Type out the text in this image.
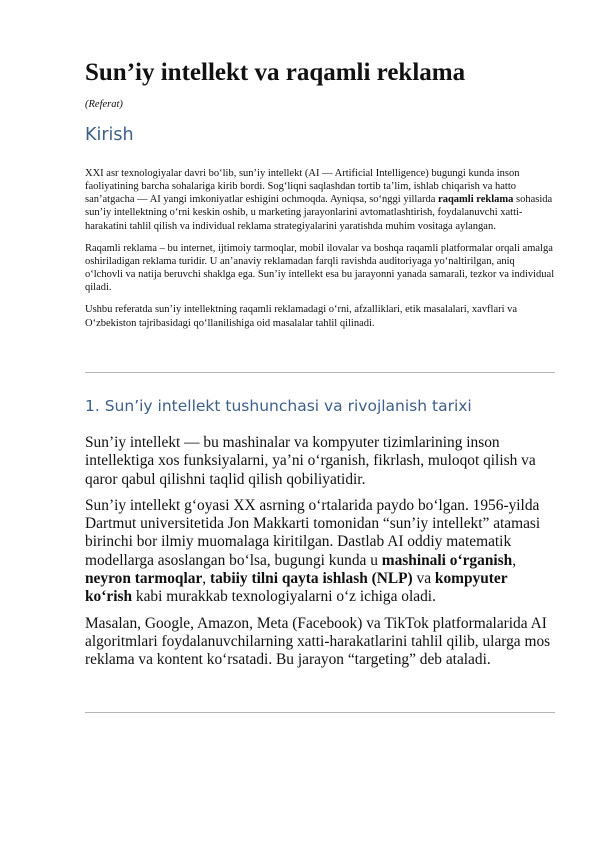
Sun’iy intellekt va raqamli reklama
(Referat)
Kirish

XXI asr texnologiyalar davri bo‘lib, sun’iy intellekt (AI — Artificial Intelligence) bugungi kunda inson faoliyatining barcha sohalariga kirib bordi. Sog‘liqni saqlashdan tortib ta’lim, ishlab chiqarish va hatto san’atgacha — AI yangi imkoniyatlar eshigini ochmoqda. Ayniqsa, so‘nggi yillarda raqamli reklama sohasida sun’iy intellektning o‘rni keskin oshib, u marketing jarayonlarini avtomatlashtirish, foydalanuvchi xatti-harakatini tahlil qilish va individual reklama strategiyalarini yaratishda muhim vositaga aylangan.

Raqamli reklama – bu internet, ijtimoiy tarmoqlar, mobil ilovalar va boshqa raqamli platformalar orqali amalga oshiriladigan reklama turidir. U an’anaviy reklamadan farqli ravishda auditoriyaga yo‘naltirilgan, aniq o‘lchovli va natija beruvchi shaklga ega. Sun’iy intellekt esa bu jarayonni yanada samarali, tezkor va individual qiladi.

Ushbu referatda sun’iy intellektning raqamli reklamadagi o‘rni, afzalliklari, etik masalalari, xavflari va O‘zbekiston tajribasidagi qo‘llanilishiga oid masalalar tahlil qilinadi.

1. Sun’iy intellekt tushunchasi va rivojlanish tarixi

Sun’iy intellekt — bu mashinalar va kompyuter tizimlarining inson intellektiga xos funksiyalarni, ya’ni o‘rganish, fikrlash, muloqot qilish va qaror qabul qilishni taqlid qilish qobiliyatidir.

Sun’iy intellekt g‘oyasi XX asrning o‘rtalarida paydo bo‘lgan. 1956-yilda Dartmut universitetida Jon Makkarti tomonidan “sun’iy intellekt” atamasi birinchi bor ilmiy muomalaga kiritilgan. Dastlab AI oddiy matematik modellarga asoslangan bo‘lsa, bugungi kunda u mashinali o‘rganish, neyron tarmoqlar, tabiiy tilni qayta ishlash (NLP) va kompyuter ko‘rish kabi murakkab texnologiyalarni o‘z ichiga oladi.

Masalan, Google, Amazon, Meta (Facebook) va TikTok platformalarida AI algoritmlari foydalanuvchilarning xatti-harakatlarini tahlil qilib, ularga mos reklama va kontent ko‘rsatadi. Bu jarayon “targeting” deb ataladi.
